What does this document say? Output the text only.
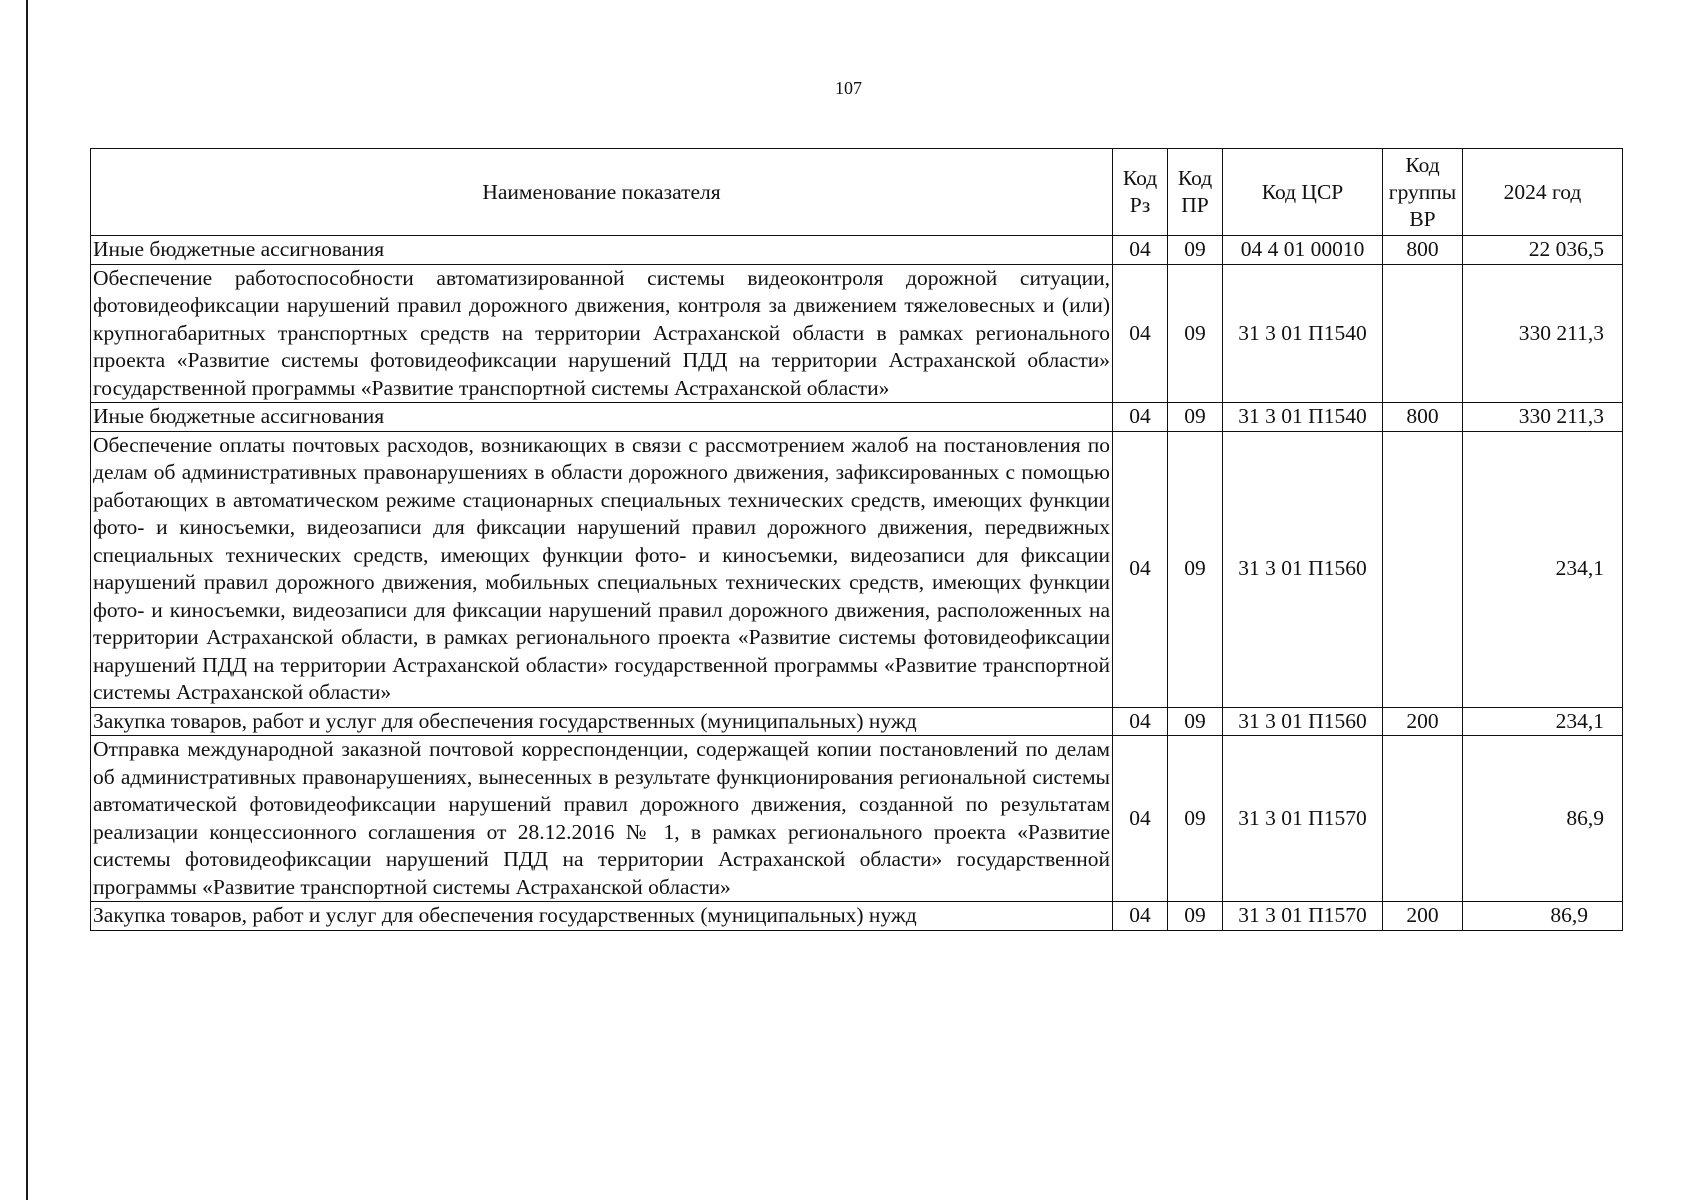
107
Наименование показателя	Код Рз	Код ПР	Код ЦСР	Код группы ВР	2024 год
Иные бюджетные ассигнования	04	09	04 4 01 00010	800	22 036,5
Обеспечение работоспособности автоматизированной системы видеоконтроля дорожной ситуации, фотовидеофиксации нарушений правил дорожного движения, контроля за движением тяжеловесных и (или) крупногабаритных транспортных средств на территории Астраханской области в рамках регионального проекта «Развитие системы фотовидеофиксации нарушений ПДД на территории Астраханской области» государственной программы «Развитие транспортной системы Астраханской области»	04	09	31 3 01 П1540		330 211,3
Иные бюджетные ассигнования	04	09	31 3 01 П1540	800	330 211,3
Обеспечение оплаты почтовых расходов, возникающих в связи с рассмотрением жалоб на постановления по делам об административных правонарушениях в области дорожного движения, зафиксированных с помощью работающих в автоматическом режиме стационарных специальных технических средств, имеющих функции фото- и киносъемки, видеозаписи для фиксации нарушений правил дорожного движения, передвижных специальных технических средств, имеющих функции фото- и киносъемки, видеозаписи для фиксации нарушений правил дорожного движения, мобильных специальных технических средств, имеющих функции фото- и киносъемки, видеозаписи для фиксации нарушений правил дорожного движения, расположенных на территории Астраханской области, в рамках регионального проекта «Развитие системы фотовидеофиксации нарушений ПДД на территории Астраханской области» государственной программы «Развитие транспортной системы Астраханской области»	04	09	31 3 01 П1560		234,1
Закупка товаров, работ и услуг для обеспечения государственных (муниципальных) нужд	04	09	31 3 01 П1560	200	234,1
Отправка международной заказной почтовой корреспонденции, содержащей копии постановлений по делам об административных правонарушениях, вынесенных в результате функционирования региональной системы автоматической фотовидеофиксации нарушений правил дорожного движения, созданной по результатам реализации концессионного соглашения от 28.12.2016 № 1, в рамках регионального проекта «Развитие системы фотовидеофиксации нарушений ПДД на территории Астраханской области» государственной программы «Развитие транспортной системы Астраханской области»	04	09	31 3 01 П1570		86,9
Закупка товаров, работ и услуг для обеспечения государственных (муниципальных) нужд	04	09	31 3 01 П1570	200	86,9
